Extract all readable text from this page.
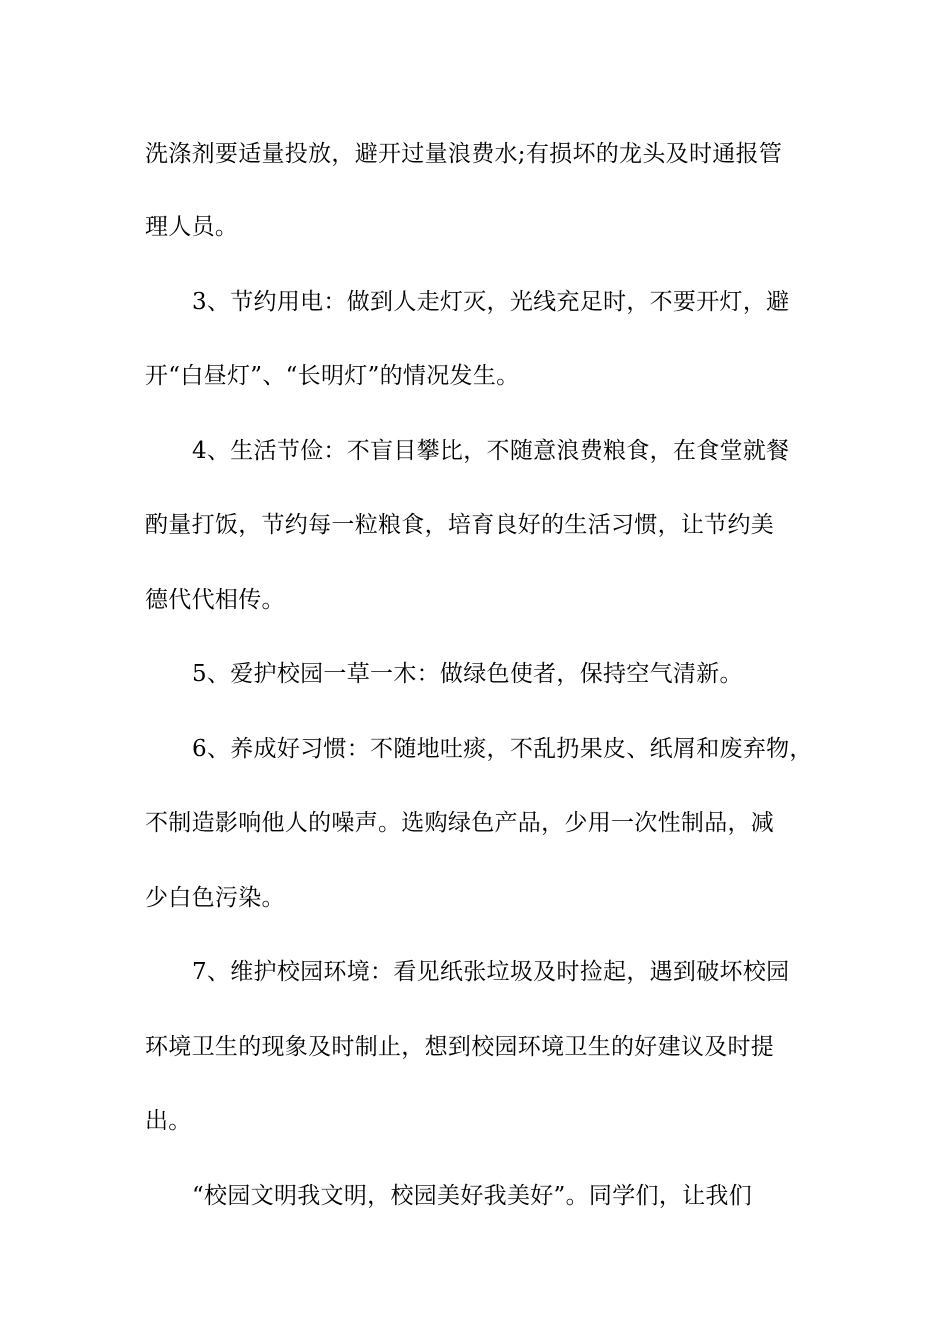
洗涤剂要适量投放，避开过量浪费水;有损坏的龙头及时通报管
理人员。
3、节约用电：做到人走灯灭，光线充足时，不要开灯，避
开“白昼灯”、“长明灯”的情况发生。
4、生活节俭：不盲目攀比，不随意浪费粮食，在食堂就餐
酌量打饭，节约每一粒粮食，培育良好的生活习惯，让节约美
德代代相传。
5、爱护校园一草一木：做绿色使者，保持空气清新。
6、养成好习惯：不随地吐痰，不乱扔果皮、纸屑和废弃物，
不制造影响他人的噪声。选购绿色产品，少用一次性制品，减
少白色污染。
7、维护校园环境：看见纸张垃圾及时捡起，遇到破坏校园
环境卫生的现象及时制止，想到校园环境卫生的好建议及时提
出。
“校园文明我文明，校园美好我美好”。同学们，让我们
